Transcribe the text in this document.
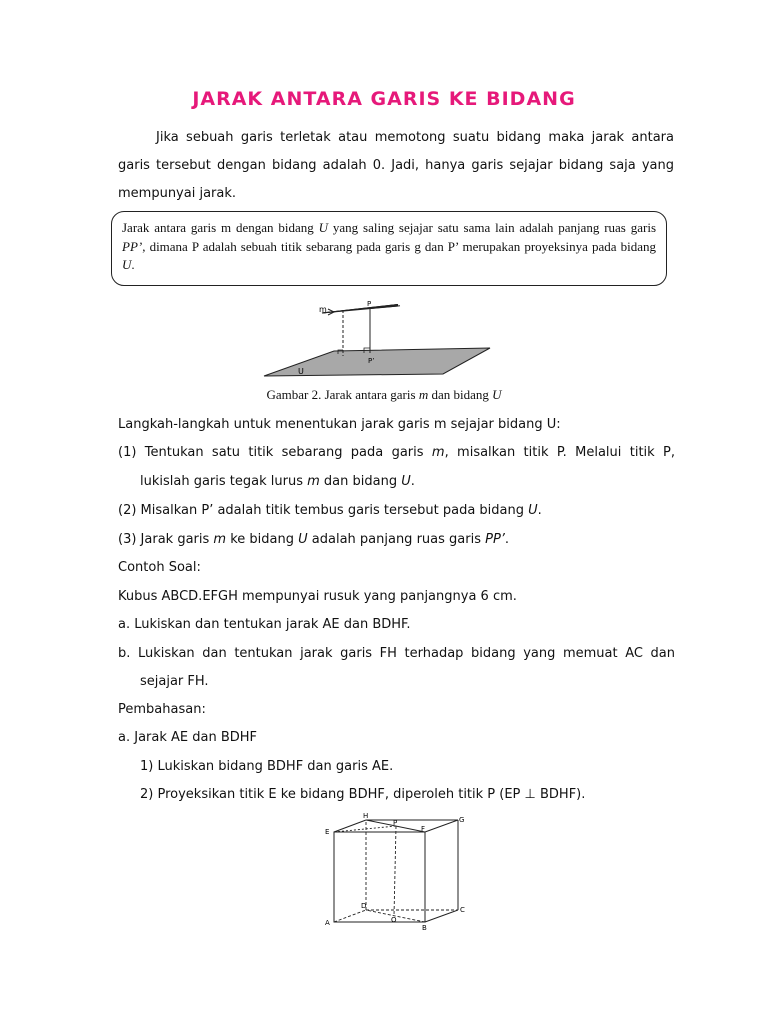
JARAK ANTARA GARIS KE BIDANG
Jika sebuah garis terletak atau memotong suatu bidang maka jarak antara garis tersebut dengan bidang adalah 0. Jadi, hanya garis sejajar bidang saja yang mempunyai jarak.
Jarak antara garis m dengan bidang U yang saling sejajar satu sama lain adalah panjang ruas garis PP’, dimana P adalah sebuah titik sebarang pada garis g dan P’ merupakan proyeksinya pada bidang U.
m
P
P’
U
Gambar 2. Jarak antara garis m dan bidang U
Langkah-langkah untuk menentukan jarak garis m sejajar bidang U:
(1) Tentukan satu titik sebarang pada garis m, misalkan titik P. Melalui titik P,
lukislah garis tegak lurus m dan bidang U.
(2) Misalkan P’ adalah titik tembus garis tersebut pada bidang U.
(3) Jarak garis m ke bidang U adalah panjang ruas garis PP’.
Contoh Soal:
Kubus ABCD.EFGH mempunyai rusuk yang panjangnya 6 cm.
a. Lukiskan dan tentukan jarak AE dan BDHF.
b. Lukiskan dan tentukan jarak garis FH terhadap bidang yang memuat AC dan
sejajar FH.
Pembahasan:
a. Jarak AE dan BDHF
1) Lukiskan bidang BDHF dan garis AE.
2) Proyeksikan titik E ke bidang BDHF, diperoleh titik P (EP ⊥ BDHF).
E
H
P
F
G
D	C
A	O
B
